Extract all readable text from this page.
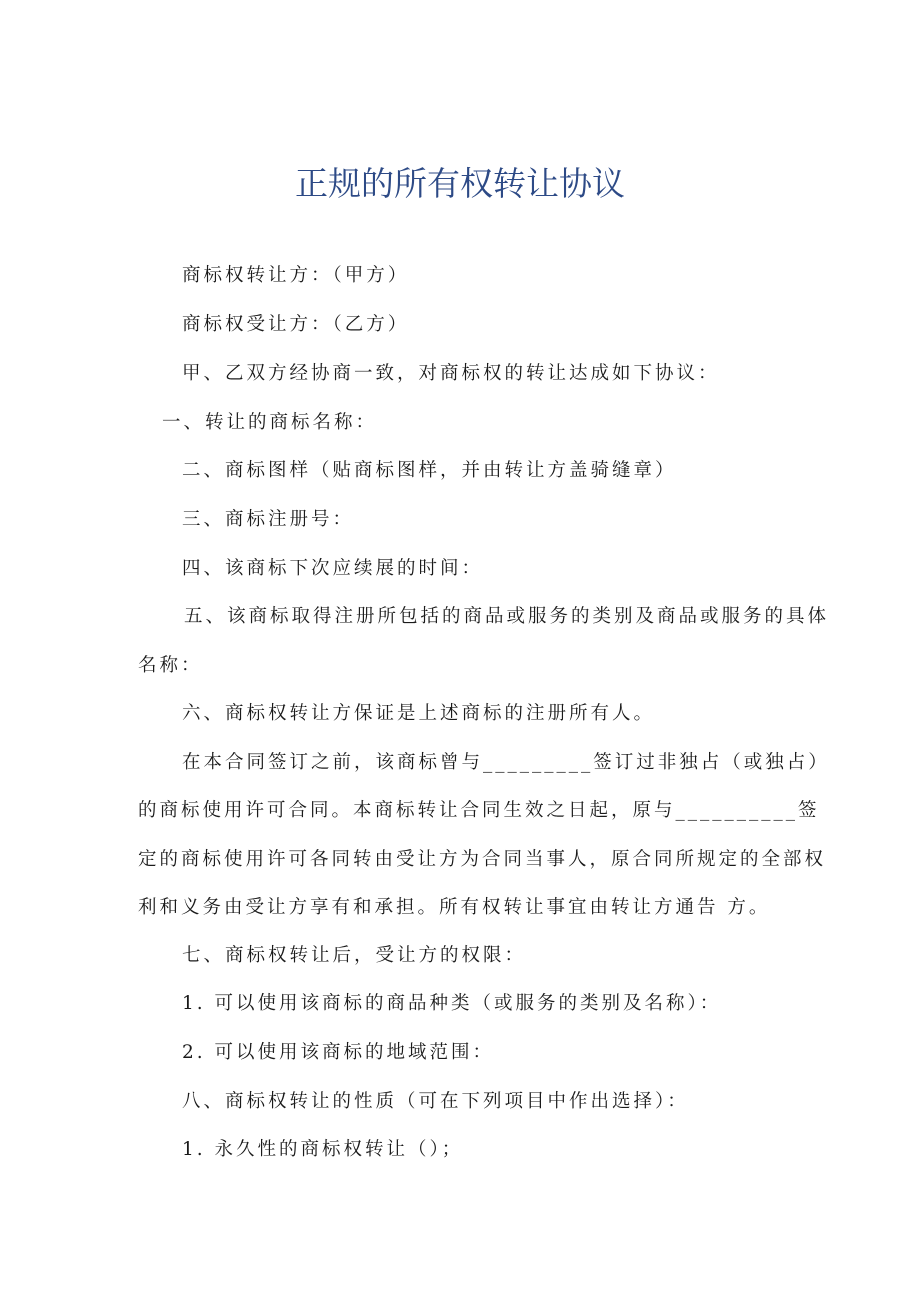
正规的所有权转让协议
商标权转让方：（甲方）
商标权受让方：（乙方）
甲、乙双方经协商一致，对商标权的转让达成如下协议：
一、转让的商标名称：
二、商标图样（贴商标图样，并由转让方盖骑缝章）
三、商标注册号：
四、该商标下次应续展的时间：
五、该商标取得注册所包括的商品或服务的类别及商品或服务的具体
名称：
六、商标权转让方保证是上述商标的注册所有人。
在本合同签订之前，该商标曾与_________签订过非独占（或独占）
的商标使用许可合同。本商标转让合同生效之日起，原与__________签
定的商标使用许可各同转由受让方为合同当事人，原合同所规定的全部权
利和义务由受让方享有和承担。所有权转让事宜由转让方通告 方。
七、商标权转让后，受让方的权限：
1. 可以使用该商标的商品种类（或服务的类别及名称）：
2. 可以使用该商标的地域范围：
八、商标权转让的性质（可在下列项目中作出选择）：
1. 永久性的商标权转让（）；
